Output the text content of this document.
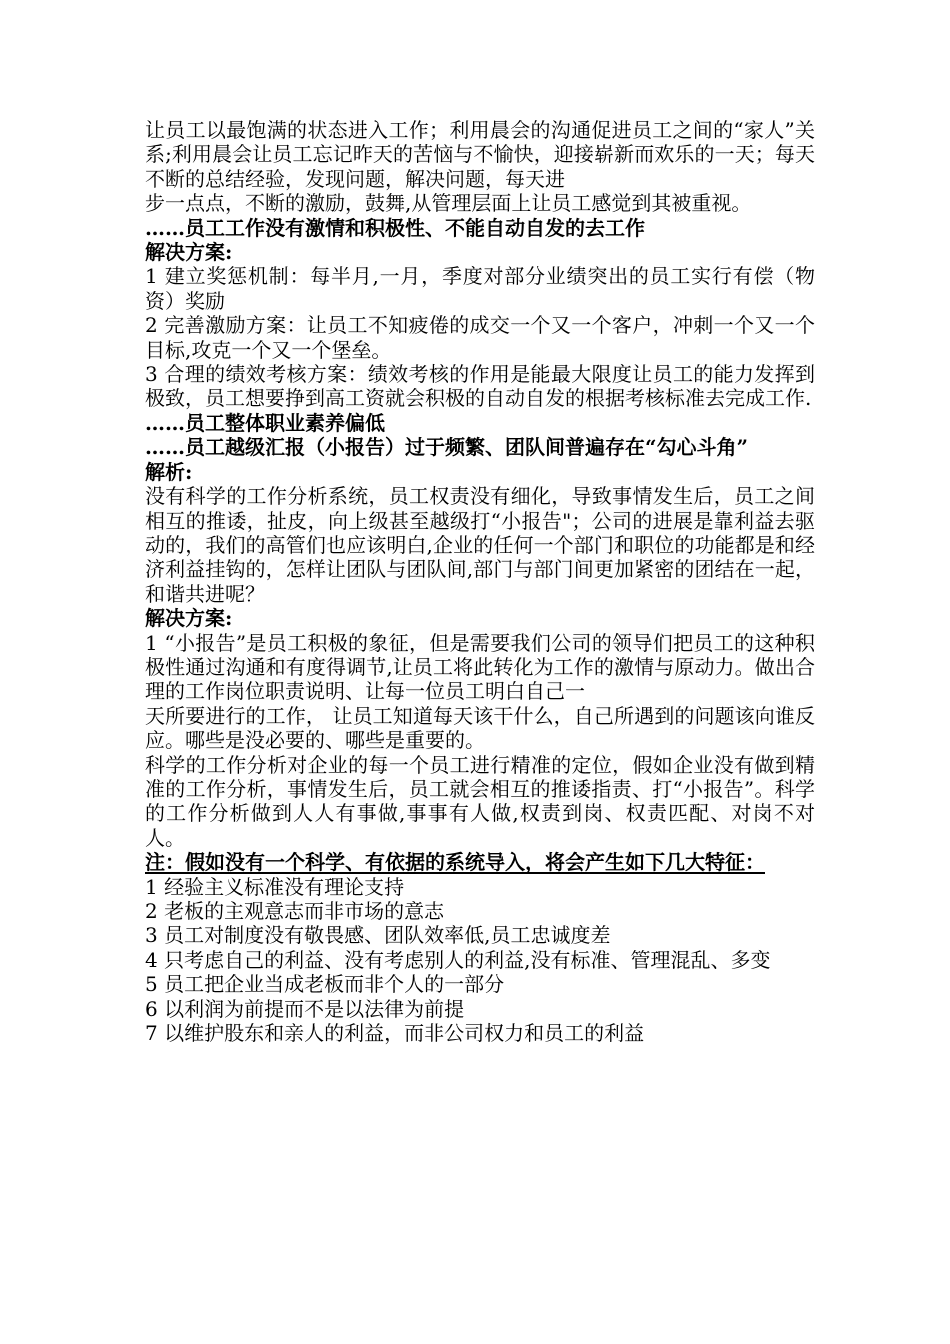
让员工以最饱满的状态进入工作；利用晨会的沟通促进员工之间的“家人”关系;利用晨会让员工忘记昨天的苦恼与不愉快，迎接崭新而欢乐的一天；每天不断的总结经验，发现问题，解决问题，每天进

步一点点，不断的激励，鼓舞,从管理层面上让员工感觉到其被重视。

……员工工作没有激情和积极性、不能自动自发的去工作

解决方案:

1 建立奖惩机制：每半月,一月，季度对部分业绩突出的员工实行有偿（物资）奖励

2 完善激励方案：让员工不知疲倦的成交一个又一个客户，冲刺一个又一个目标,攻克一个又一个堡垒。

3 合理的绩效考核方案：绩效考核的作用是能最大限度让员工的能力发挥到极致，员工想要挣到高工资就会积极的自动自发的根据考核标准去完成工作.

……员工整体职业素养偏低

……员工越级汇报（小报告）过于频繁、团队间普遍存在“勾心斗角”

解析:

没有科学的工作分析系统，员工权责没有细化，导致事情发生后，员工之间相互的推诿，扯皮，向上级甚至越级打“小报告"；公司的进展是靠利益去驱动的，我们的高管们也应该明白,企业的任何一个部门和职位的功能都是和经济利益挂钩的，怎样让团队与团队间,部门与部门间更加紧密的团结在一起，和谐共进呢？

解决方案:

1 “小报告”是员工积极的象征，但是需要我们公司的领导们把员工的这种积极性通过沟通和有度得调节,让员工将此转化为工作的激情与原动力。做出合理的工作岗位职责说明、让每一位员工明白自己一

天所要进行的工作， 让员工知道每天该干什么，自己所遇到的问题该向谁反应。哪些是没必要的、哪些是重要的。

科学的工作分析对企业的每一个员工进行精准的定位，假如企业没有做到精准的工作分析，事情发生后，员工就会相互的推诿指责、打“小报告”。科学的工作分析做到人人有事做,事事有人做,权责到岗、权责匹配、对岗不对人。

注：假如没有一个科学、有依据的系统导入，将会产生如下几大特征：

1 经验主义标准没有理论支持

2 老板的主观意志而非市场的意志

3 员工对制度没有敬畏感、团队效率低,员工忠诚度差

4 只考虑自己的利益、没有考虑别人的利益,没有标准、管理混乱、多变

5 员工把企业当成老板而非个人的一部分

6 以利润为前提而不是以法律为前提

7 以维护股东和亲人的利益，而非公司权力和员工的利益
